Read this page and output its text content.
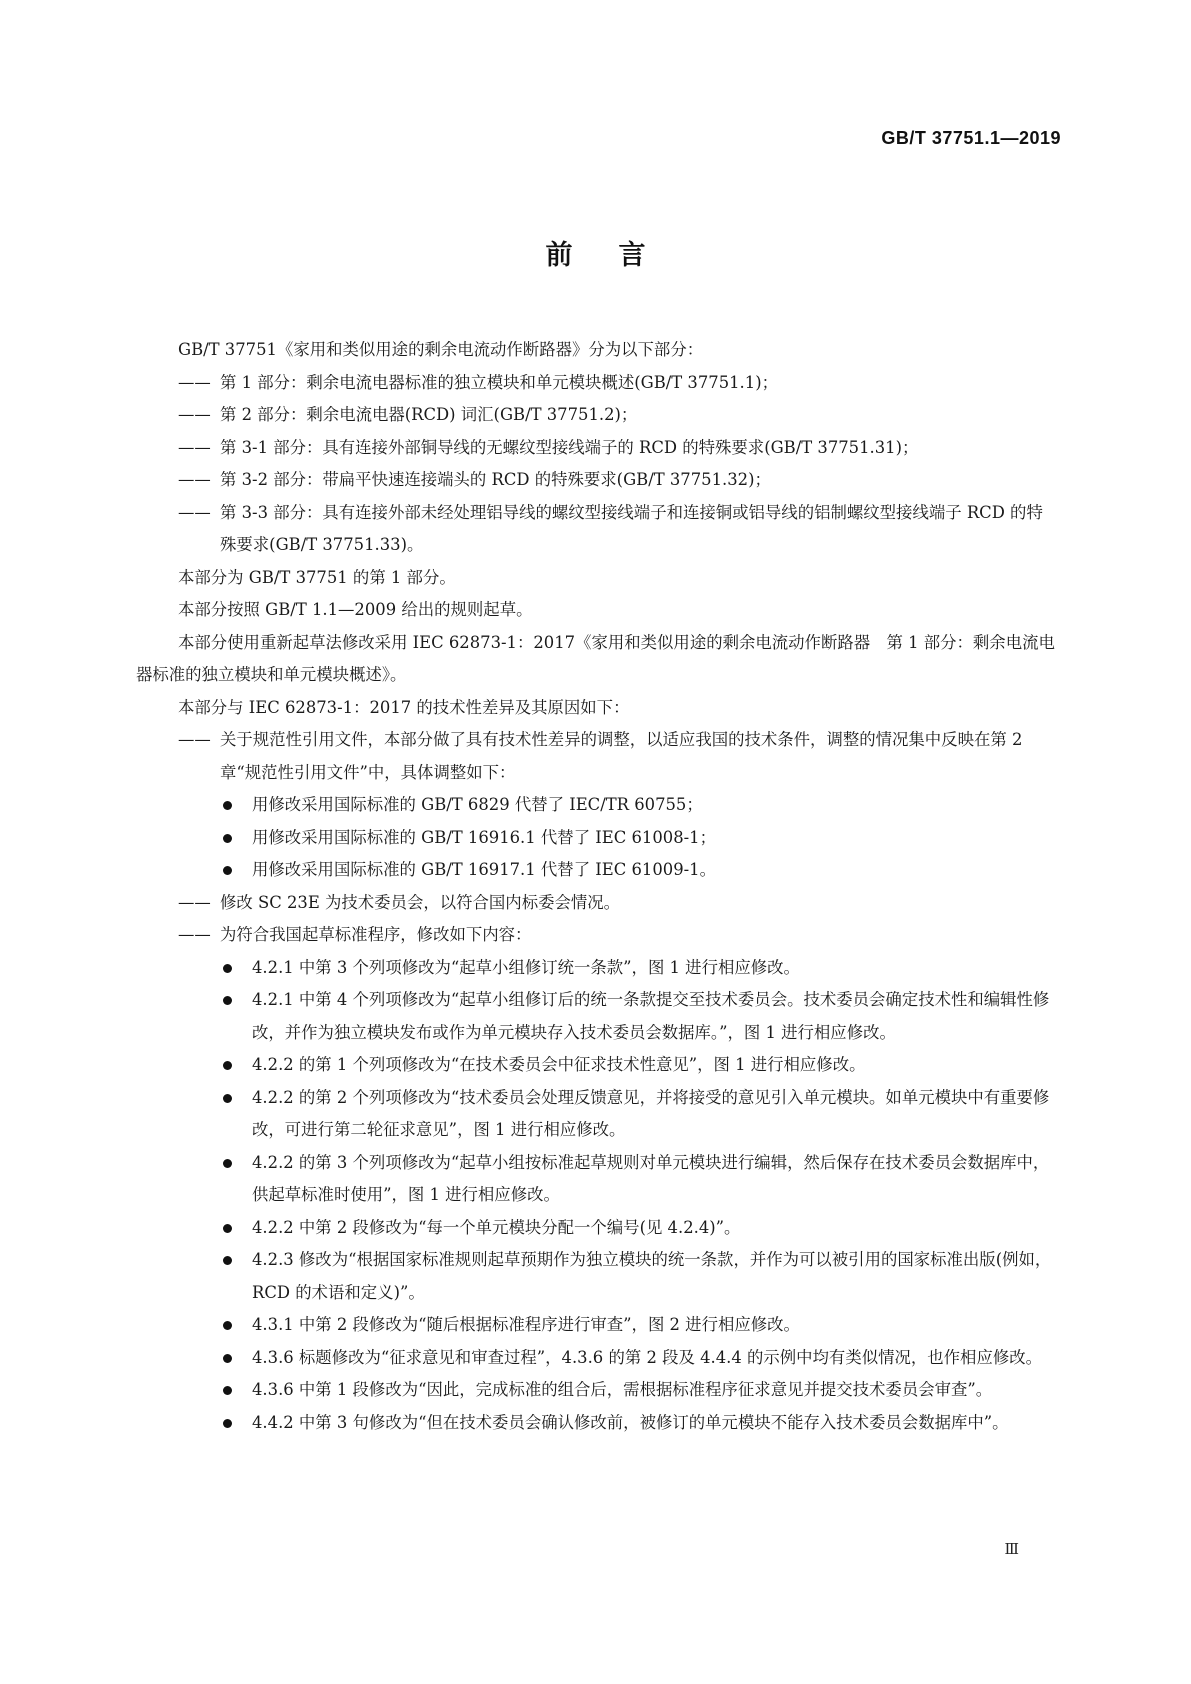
GB/T 37751.1—2019
前言

GB/T 37751《家用和类似用途的剩余电流动作断路器》分为以下部分：

—— 第 1 部分：剩余电流电器标准的独立模块和单元模块概述(GB/T 37751.1)；

—— 第 2 部分：剩余电流电器(RCD) 词汇(GB/T 37751.2)；

—— 第 3-1 部分：具有连接外部铜导线的无螺纹型接线端子的 RCD 的特殊要求(GB/T 37751.31)；

—— 第 3-2 部分：带扁平快速连接端头的 RCD 的特殊要求(GB/T 37751.32)；

—— 第 3-3 部分：具有连接外部未经处理铝导线的螺纹型接线端子和连接铜或铝导线的铝制螺纹型接线端子 RCD 的特殊要求(GB/T 37751.33)。

本部分为 GB/T 37751 的第 1 部分。

本部分按照 GB/T 1.1—2009 给出的规则起草。

本部分使用重新起草法修改采用 IEC 62873-1：2017《家用和类似用途的剩余电流动作断路器　第 1 部分：剩余电流电器标准的独立模块和单元模块概述》。

本部分与 IEC 62873-1：2017 的技术性差异及其原因如下：

—— 关于规范性引用文件，本部分做了具有技术性差异的调整，以适应我国的技术条件，调整的情况集中反映在第 2 章“规范性引用文件”中，具体调整如下：

用修改采用国际标准的 GB/T 6829 代替了 IEC/TR 60755；

用修改采用国际标准的 GB/T 16916.1 代替了 IEC 61008-1；

用修改采用国际标准的 GB/T 16917.1 代替了 IEC 61009-1。

—— 修改 SC 23E 为技术委员会，以符合国内标委会情况。

—— 为符合我国起草标准程序，修改如下内容：

4.2.1 中第 3 个列项修改为“起草小组修订统一条款”，图 1 进行相应修改。

4.2.1 中第 4 个列项修改为“起草小组修订后的统一条款提交至技术委员会。技术委员会确定技术性和编辑性修改，并作为独立模块发布或作为单元模块存入技术委员会数据库。”，图 1 进行相应修改。

4.2.2 的第 1 个列项修改为“在技术委员会中征求技术性意见”，图 1 进行相应修改。

4.2.2 的第 2 个列项修改为“技术委员会处理反馈意见，并将接受的意见引入单元模块。如单元模块中有重要修改，可进行第二轮征求意见”，图 1 进行相应修改。

4.2.2 的第 3 个列项修改为“起草小组按标准起草规则对单元模块进行编辑，然后保存在技术委员会数据库中，供起草标准时使用”，图 1 进行相应修改。

4.2.2 中第 2 段修改为“每一个单元模块分配一个编号(见 4.2.4)”。

4.2.3 修改为“根据国家标准规则起草预期作为独立模块的统一条款，并作为可以被引用的国家标准出版(例如，RCD 的术语和定义)”。

4.3.1 中第 2 段修改为“随后根据标准程序进行审查”，图 2 进行相应修改。

4.3.6 标题修改为“征求意见和审查过程”，4.3.6 的第 2 段及 4.4.4 的示例中均有类似情况，也作相应修改。

4.3.6 中第 1 段修改为“因此，完成标准的组合后，需根据标准程序征求意见并提交技术委员会审查”。

4.4.2 中第 3 句修改为“但在技术委员会确认修改前，被修订的单元模块不能存入技术委员会数据库中”。

Ⅲ
